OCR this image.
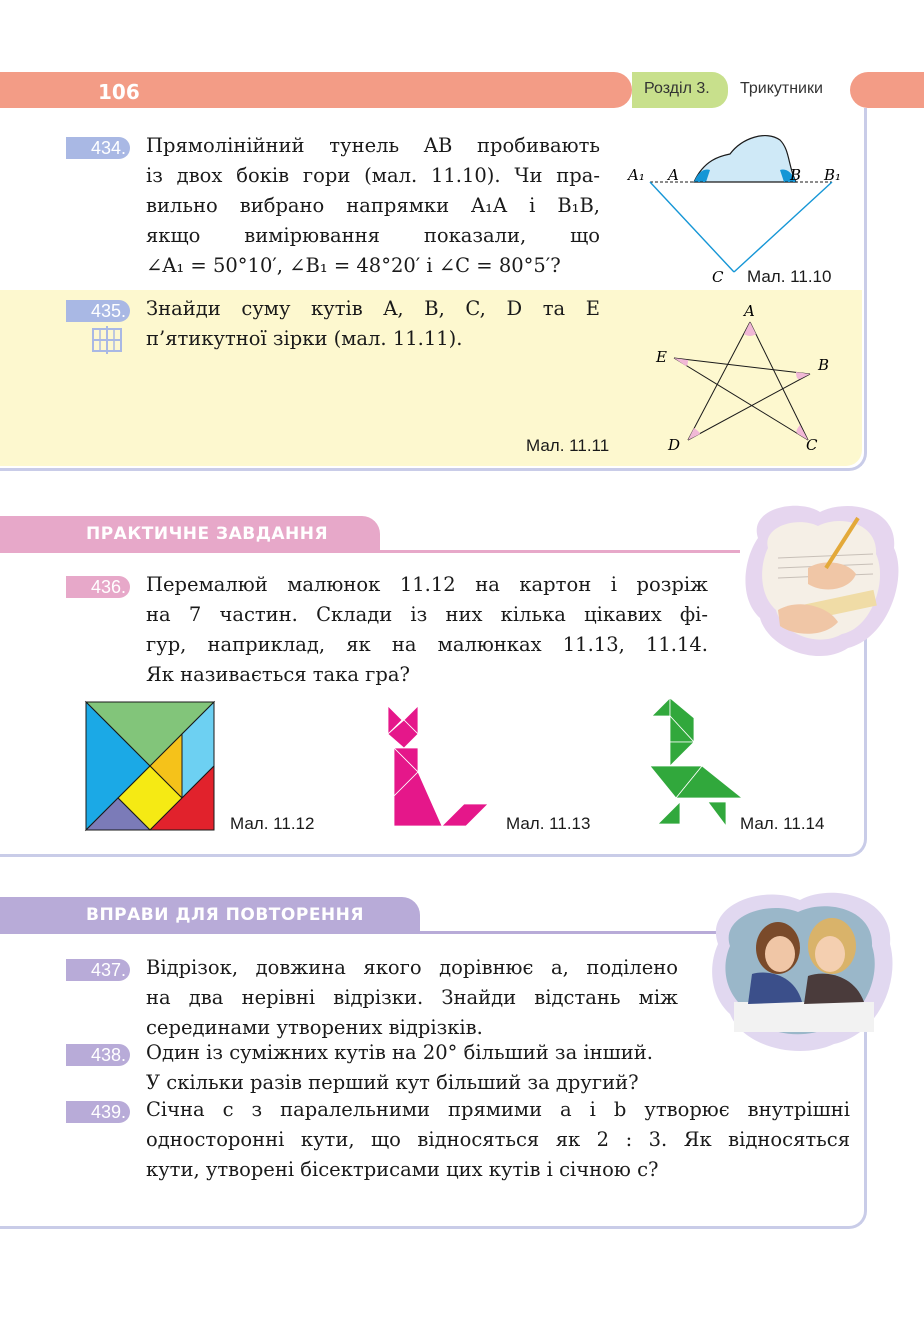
106	Розділ 3. Трикутники
434. Прямолінійний тунель AB пробивають
із двох боків гори (мал. 11.10). Чи пра-
вильно вибрано напрямки A₁A і B₁B,
якщо вимірювання показали, що
∠A₁ = 50°10′, ∠B₁ = 48°20′ і ∠C = 80°5′?
A₁ A	B B₁
C Мал. 11.10
435. Знайди суму кутів A, B, C, D та E
п’ятикутної зірки (мал. 11.11).
A
B
C
D
E
Мал. 11.11
ПРАКТИЧНЕ ЗАВДАННЯ
436. Перемалюй малюнок 11.12 на картон і розріж
на 7 частин. Склади із них кілька цікавих фі-
гур, наприклад, як на малюнках 11.13, 11.14.
Як називається така гра?
Мал. 11.12	Мал. 11.13	Мал. 11.14
ВПРАВИ ДЛЯ ПОВТОРЕННЯ
437. Відрізок, довжина якого дорівнює a, поділено
на два нерівні відрізки. Знайди відстань між
серединами утворених відрізків.
438. Один із суміжних кутів на 20° більший за інший.
У скільки разів перший кут більший за другий?
439. Січна c з паралельними прямими a і b утворює внутрішні
односторонні кути, що відносяться як 2 : 3. Як відносяться
кути, утворені бісектрисами цих кутів і січною c?
